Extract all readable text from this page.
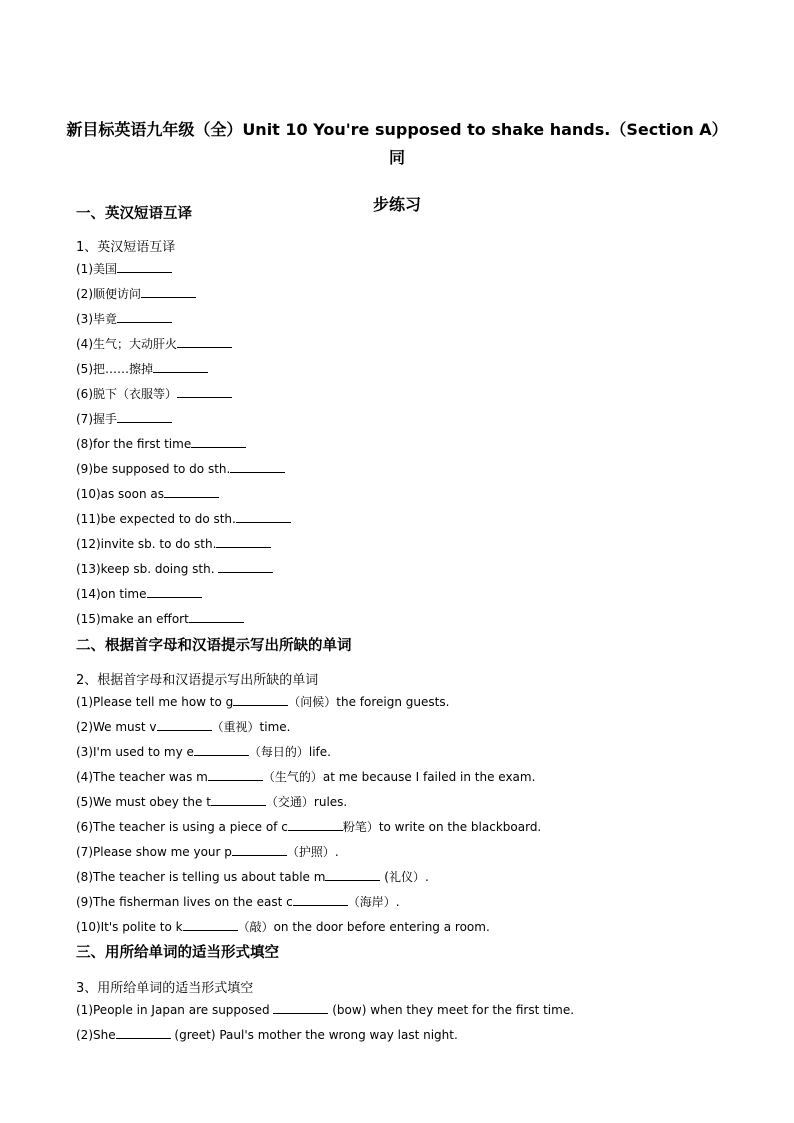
新目标英语九年级（全）Unit 10 You're supposed to shake hands.（Section A）同
步练习
一、英汉短语互译
1、英汉短语互译
(1)美国
(2)顺便访问
(3)毕竟
(4)生气；大动肝火
(5)把……擦掉
(6)脱下（衣服等）
(7)握手
(8)for the first time
(9)be supposed to do sth.
(10)as soon as
(11)be expected to do sth.
(12)invite sb. to do sth.
(13)keep sb. doing sth.
(14)on time
(15)make an effort
二、根据首字母和汉语提示写出所缺的单词
2、根据首字母和汉语提示写出所缺的单词
(1)Please tell me how to g	（问候）the foreign guests.
(2)We must v	（重视）time.
(3)I'm used to my e	（每日的）life.
(4)The teacher was m	（生气的）at me because I failed in the exam.
(5)We must obey the t	（交通）rules.
(6)The teacher is using a piece of c	粉笔）to write on the blackboard.
(7)Please show me your p	（护照）.
(8)The teacher is telling us about table m	(礼仪）.
(9)The fisherman lives on the east c	（海岸）.
(10)It's polite to k	（敲）on the door before entering a room.
三、用所给单词的适当形式填空
3、用所给单词的适当形式填空
(1)People in Japan are supposed	(bow) when they meet for the first time.
(2)She	(greet) Paul's mother the wrong way last night.
